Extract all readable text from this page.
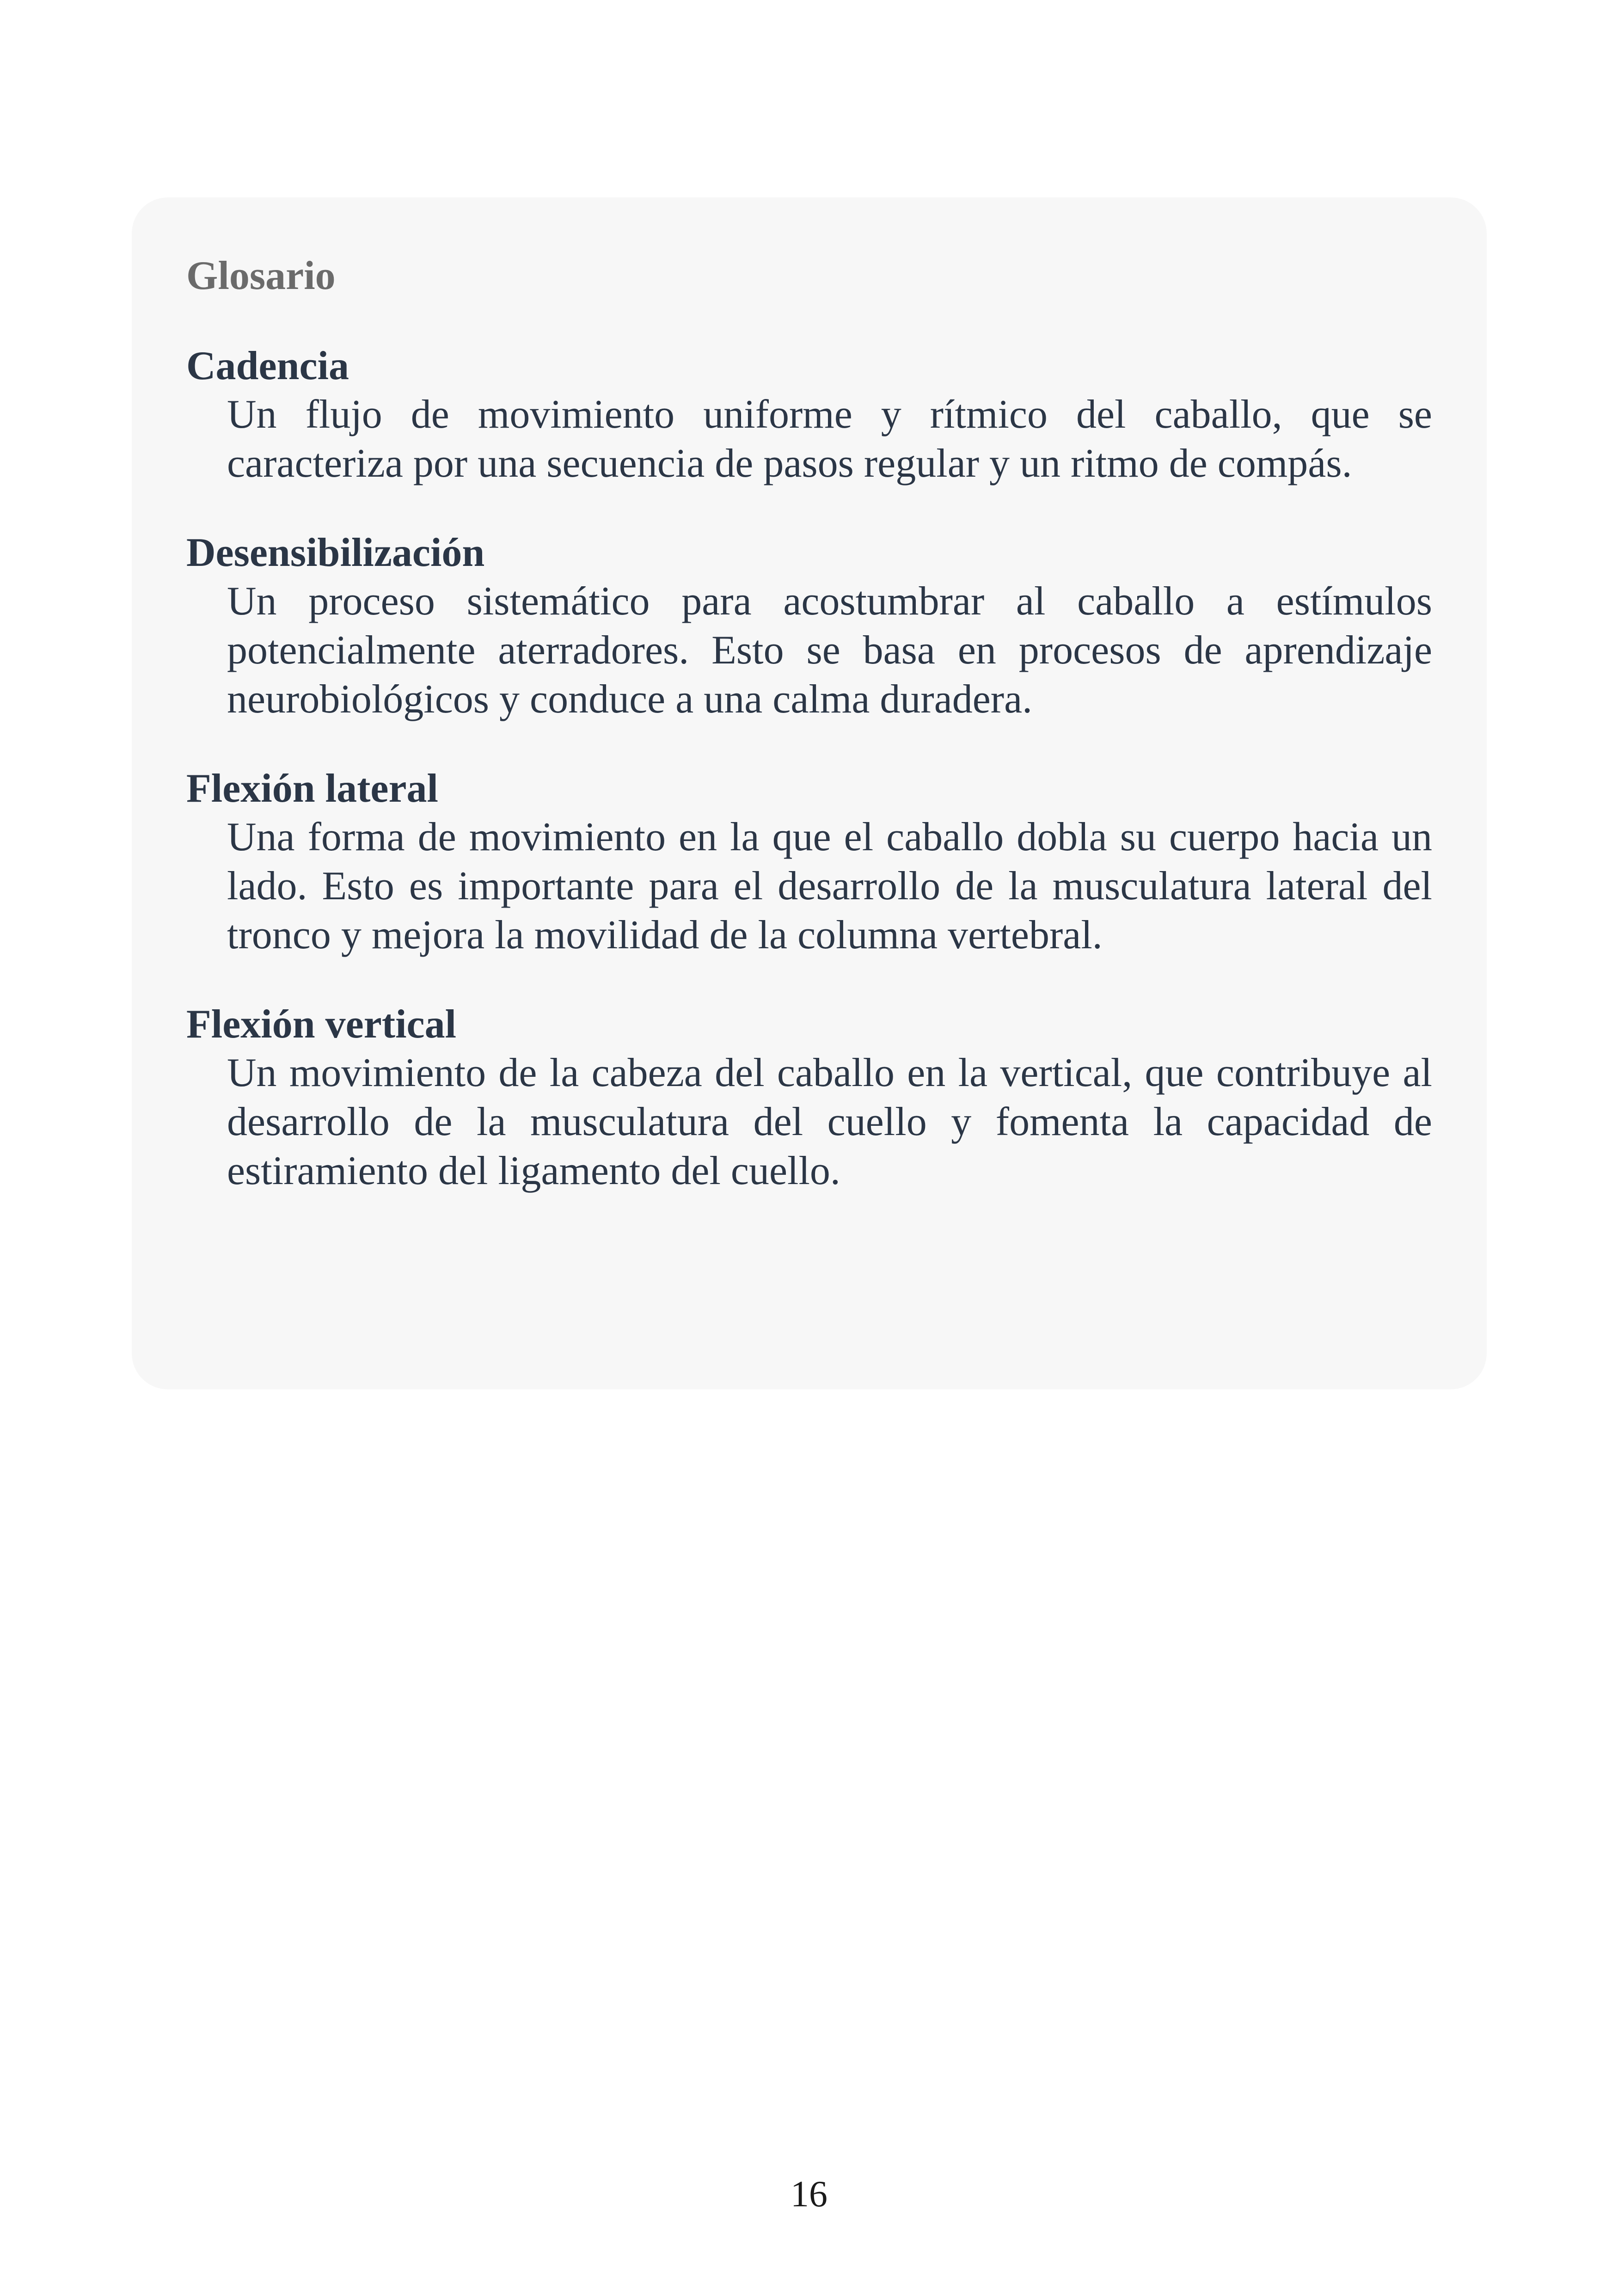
Glosario
Cadencia

Un flujo de movimiento uniforme y rítmico del caballo, que se caracteriza por una secuencia de pasos regular y un ritmo de compás.

Desensibilización

Un proceso sistemático para acostumbrar al caballo a estímulos potencialmente aterradores. Esto se basa en procesos de aprendizaje neurobiológicos y conduce a una calma duradera.

Flexión lateral

Una forma de movimiento en la que el caballo dobla su cuerpo hacia un lado. Esto es importante para el desarrollo de la musculatura lateral del tronco y mejora la movilidad de la columna vertebral.

Flexión vertical

Un movimiento de la cabeza del caballo en la vertical, que contribuye al desarrollo de la musculatura del cuello y fomenta la capacidad de estiramiento del ligamento del cuello.

16
